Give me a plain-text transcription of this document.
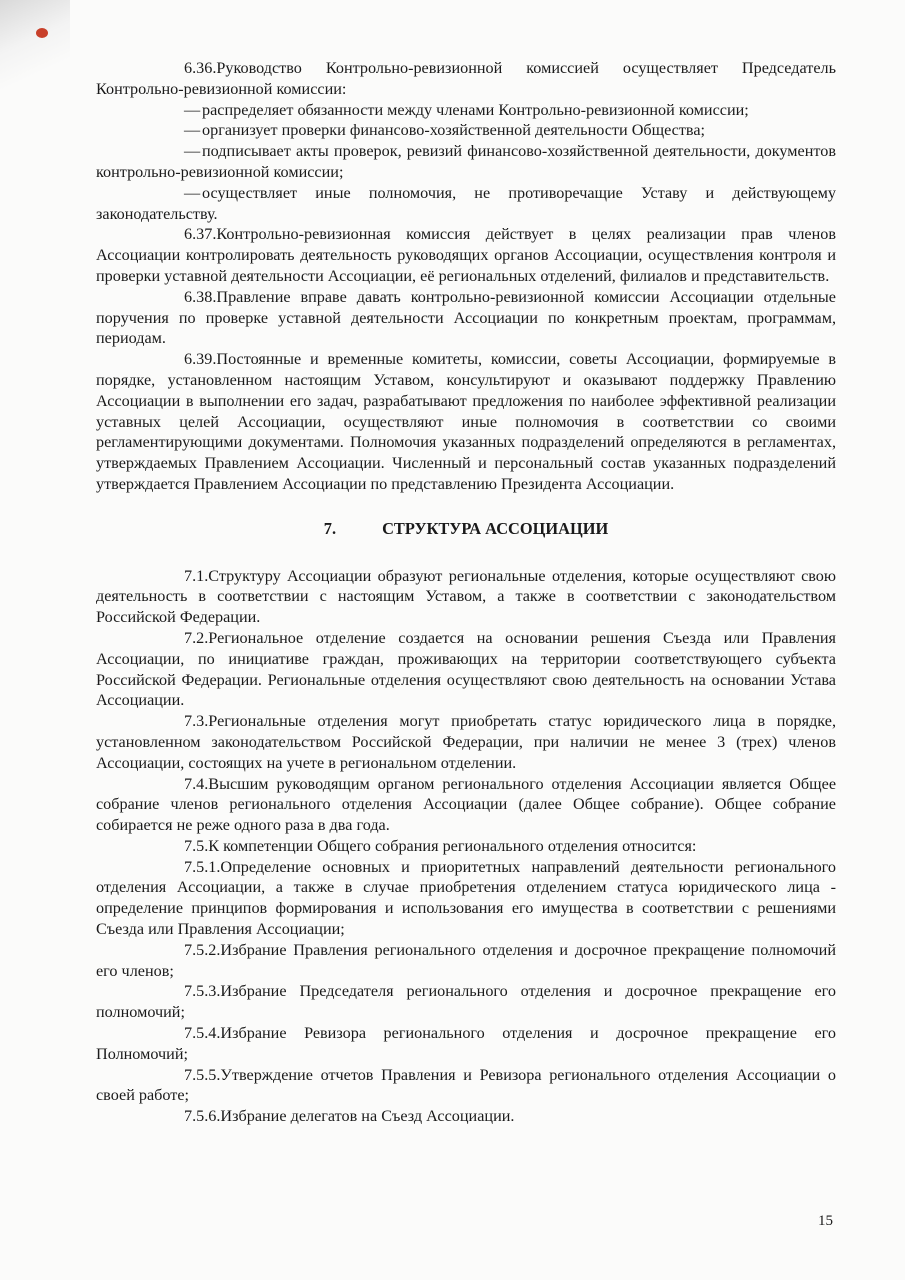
6.36.Руководство Контрольно-ревизионной комиссией осуществляет Председатель Контрольно-ревизионной комиссии:

— распределяет обязанности между членами Контрольно-ревизионной комиссии;

— организует проверки финансово-хозяйственной деятельности Общества;

— подписывает акты проверок, ревизий финансово-хозяйственной деятельности, документов контрольно-ревизионной комиссии;

— осуществляет иные полномочия, не противоречащие Уставу и действующему законодательству.

6.37.Контрольно-ревизионная комиссия действует в целях реализации прав членов Ассоциации контролировать деятельность руководящих органов Ассоциации, осуществления контроля и проверки уставной деятельности Ассоциации, её региональных отделений, филиалов и представительств.

6.38.Правление вправе давать контрольно-ревизионной комиссии Ассоциации отдельные поручения по проверке уставной деятельности Ассоциации по конкретным проектам, программам, периодам.

6.39.Постоянные и временные комитеты, комиссии, советы Ассоциации, формируемые в порядке, установленном настоящим Уставом, консультируют и оказывают поддержку Правлению Ассоциации в выполнении его задач, разрабатывают предложения по наиболее эффективной реализации уставных целей Ассоциации, осуществляют иные полномочия в соответствии со своими регламентирующими документами. Полномочия указанных подразделений определяются в регламентах, утверждаемых Правлением Ассоциации. Численный и персональный состав указанных подразделений утверждается Правлением Ассоциации по представлению Президента Ассоциации.

7.	СТРУКТУРА АССОЦИАЦИИ

7.1.Структуру Ассоциации образуют региональные отделения, которые осуществляют свою деятельность в соответствии с настоящим Уставом, а также в соответствии с законодательством Российской Федерации.

7.2.Региональное отделение создается на основании решения Съезда или Правления Ассоциации, по инициативе граждан, проживающих на территории соответствующего субъекта Российской Федерации. Региональные отделения осуществляют свою деятельность на основании Устава Ассоциации.

7.3.Региональные отделения могут приобретать статус юридического лица в порядке, установленном законодательством Российской Федерации, при наличии не менее 3 (трех) членов Ассоциации, состоящих на учете в региональном отделении.

7.4.Высшим руководящим органом регионального отделения Ассоциации является Общее собрание членов регионального отделения Ассоциации (далее Общее собрание). Общее собрание собирается не реже одного раза в два года.

7.5.К компетенции Общего собрания регионального отделения относится:

7.5.1.Определение основных и приоритетных направлений деятельности регионального отделения Ассоциации, а также в случае приобретения отделением статуса юридического лица - определение принципов формирования и использования его имущества в соответствии с решениями Съезда или Правления Ассоциации;

7.5.2.Избрание Правления регионального отделения и досрочное прекращение полномочий его членов;

7.5.3.Избрание Председателя регионального отделения и досрочное прекращение его полномочий;

7.5.4.Избрание Ревизора регионального отделения и досрочное прекращение его Полномочий;

7.5.5.Утверждение отчетов Правления и Ревизора регионального отделения Ассоциации о своей работе;

7.5.6.Избрание делегатов на Съезд Ассоциации.

15
